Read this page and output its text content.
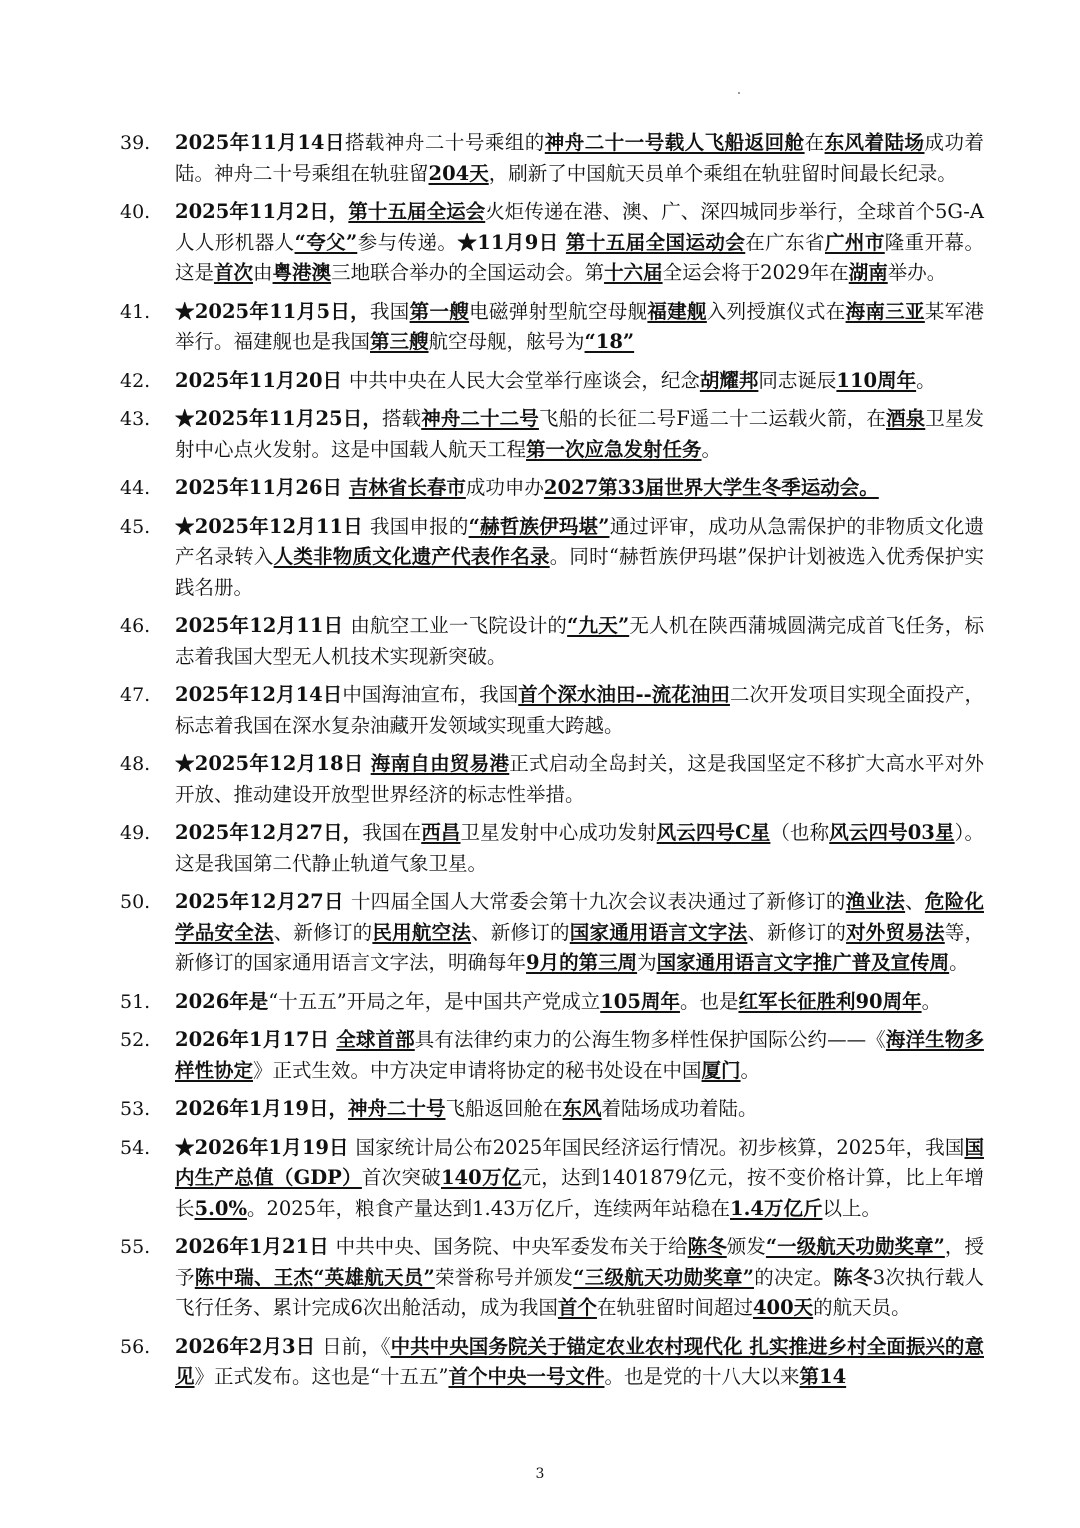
39.	2025年11月14日搭载神舟二十号乘组的神舟二十一号载人飞船返回舱在东风着陆场成功着陆。神舟二十号乘组在轨驻留204天，刷新了中国航天员单个乘组在轨驻留时间最长纪录。
40.	2025年11月2日，第十五届全运会火炬传递在港、澳、广、深四城同步举行，全球首个5G-A人人形机器人“夸父”参与传递。★11月9日 第十五届全国运动会在广东省广州市隆重开幕。这是首次由粤港澳三地联合举办的全国运动会。第十六届全运会将于2029年在湖南举办。
41.	★2025年11月5日，我国第一艘电磁弹射型航空母舰福建舰入列授旗仪式在海南三亚某军港举行。福建舰也是我国第三艘航空母舰，舷号为“18”
42.	2025年11月20日 中共中央在人民大会堂举行座谈会，纪念胡耀邦同志诞辰110周年。
43.	★2025年11月25日，搭载神舟二十二号飞船的长征二号F遥二十二运载火箭，在酒泉卫星发射中心点火发射。这是中国载人航天工程第一次应急发射任务。
44.	2025年11月26日 吉林省长春市成功申办2027第33届世界大学生冬季运动会。
45.	★2025年12月11日 我国申报的“赫哲族伊玛堪”通过评审，成功从急需保护的非物质文化遗产名录转入人类非物质文化遗产代表作名录。同时“赫哲族伊玛堪”保护计划被选入优秀保护实践名册。
46.	2025年12月11日 由航空工业一飞院设计的“九天”无人机在陕西蒲城圆满完成首飞任务，标志着我国大型无人机技术实现新突破。
47.	2025年12月14日中国海油宣布，我国首个深水油田--流花油田二次开发项目实现全面投产，标志着我国在深水复杂油藏开发领域实现重大跨越。
48.	★2025年12月18日 海南自由贸易港正式启动全岛封关，这是我国坚定不移扩大高水平对外开放、推动建设开放型世界经济的标志性举措。
49.	2025年12月27日，我国在西昌卫星发射中心成功发射风云四号C星（也称风云四号03星）。这是我国第二代静止轨道气象卫星。
50.	2025年12月27日 十四届全国人大常委会第十九次会议表决通过了新修订的渔业法、危险化学品安全法、新修订的民用航空法、新修订的国家通用语言文字法、新修订的对外贸易法等，新修订的国家通用语言文字法，明确每年9月的第三周为国家通用语言文字推广普及宣传周。
51.	2026年是“十五五”开局之年，是中国共产党成立105周年。也是红军长征胜利90周年。
52.	2026年1月17日 全球首部具有法律约束力的公海生物多样性保护国际公约——《海洋生物多样性协定》正式生效。中方决定申请将协定的秘书处设在中国厦门。
53.	2026年1月19日，神舟二十号飞船返回舱在东风着陆场成功着陆。
54.	★2026年1月19日 国家统计局公布2025年国民经济运行情况。初步核算，2025年，我国国内生产总值（GDP）首次突破140万亿元，达到1401879亿元，按不变价格计算，比上年增长5.0%。2025年，粮食产量达到1.43万亿斤，连续两年站稳在1.4万亿斤以上。
55.	2026年1月21日 中共中央、国务院、中央军委发布关于给陈冬颁发“一级航天功勋奖章”，授予陈中瑞、王杰“英雄航天员”荣誉称号并颁发“三级航天功勋奖章”的决定。陈冬3次执行载人飞行任务、累计完成6次出舱活动，成为我国首个在轨驻留时间超过400天的航天员。
56.	2026年2月3日 日前，《中共中央国务院关于锚定农业农村现代化 扎实推进乡村全面振兴的意见》正式发布。这也是“十五五”首个中央一号文件。也是党的十八大以来第14
3
